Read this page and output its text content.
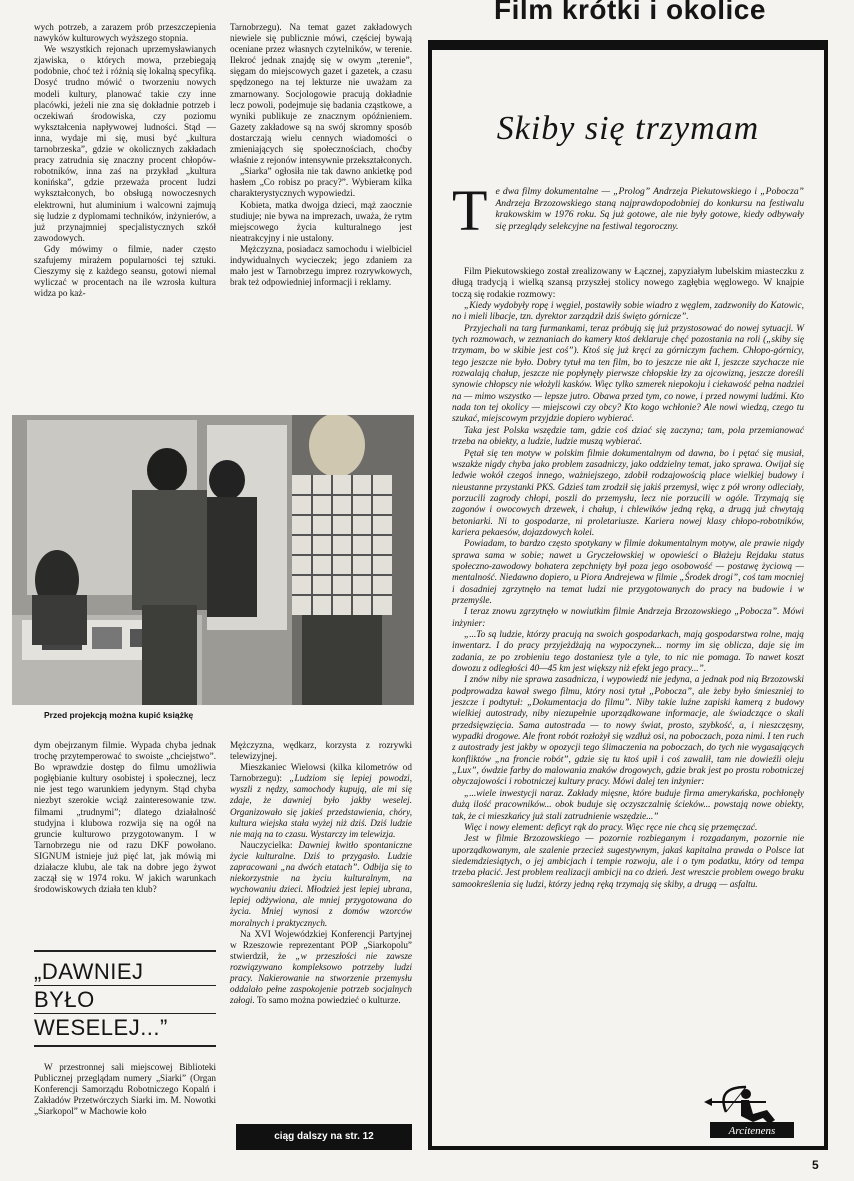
Film krótki i okolice

wych potrzeb, a zarazem prób przeszczepienia nawyków kulturowych wyższego stopnia.

We wszystkich rejonach uprzemysławianych zjawiska, o których mowa, przebiegają podobnie, choć też i różnią się lokalną specyfiką. Dosyć trudno mówić o tworzeniu nowych modeli kultury, planować takie czy inne placówki, jeżeli nie zna się dokładnie potrzeb i oczekiwań środowiska, czy poziomu wykształcenia napływowej ludności. Stąd — inna, wydaje mi się, musi być „kultura tarnobrzeska”, gdzie w okolicznych zakładach pracy zatrudnia się znaczny procent chłopów-robotników, inna zaś na przykład „kultura konińska”, gdzie przeważa procent ludzi wykształconych, bo obsługą nowoczesnych elektrowni, hut aluminium i walcowni zajmują się ludzie z dyplomami techników, inżynierów, a już przynajmniej specjalistycznych szkół zawodowych.

Gdy mówimy o filmie, nader często szafujemy mirażem popularności tej sztuki. Cieszymy się z każdego seansu, gotowi niemal wyliczać w procentach na ile wzrosła kultura widza po każ-

Tarnobrzegu). Na temat gazet zakładowych niewiele się publicznie mówi, częściej bywają oceniane przez własnych czytelników, w terenie. Ilekroć jednak znajdę się w owym „terenie”, sięgam do miejscowych gazet i gazetek, a czasu spędzonego na tej lekturze nie uważam za zmarnowany. Socjologowie pracują dokładnie lecz powoli, podejmuje się badania cząstkowe, a wyniki publikuje ze znacznym opóźnieniem. Gazety zakładowe są na swój skromny sposób dostarczają wielu cennych wiadomości o zmieniających się społecznościach, choćby właśnie z rejonów intensywnie przekształconych.

„Siarka” ogłosiła nie tak dawno ankietkę pod hasłem „Co robisz po pracy?”. Wybieram kilka charakterystycznych wypowiedzi.

Kobieta, matka dwojga dzieci, mąż zaocznie studiuje; nie bywa na imprezach, uważa, że rytm miejscowego życia kulturalnego jest nieatrakcyjny i nie ustalony.

Mężczyzna, posiadacz samochodu i wielbiciel indywidualnych wycieczek; jego zdaniem za mało jest w Tarnobrzegu imprez rozrywkowych, brak też odpowiedniej informacji i reklamy.

Przed projekcją można kupić książkę

dym obejrzanym filmie. Wypada chyba jednak trochę przytemperować to swoiste „chciejstwo”. Bo wprawdzie dostęp do filmu umożliwia pogłębianie kultury osobistej i społecznej, lecz nie jest tego warunkiem jedynym. Stąd chyba niezbyt szerokie wciąż zainteresowanie tzw. filmami „trudnymi”; dlatego działalność studyjna i klubowa rozwija się na ogół na gruncie kulturowo przygotowanym. I w Tarnobrzegu nie od razu DKF powołano. SIGNUM istnieje już pięć lat, jak mówią mi działacze klubu, ale tak na dobre jego żywot zaczął się w 1974 roku. W jakich warunkach środowiskowych działa ten klub?

Mężczyzna, wędkarz, korzysta z rozrywki telewizyjnej.

Mieszkaniec Wielowsi (kilka kilometrów od Tarnobrzegu): „Ludziom się lepiej powodzi, wyszli z nędzy, samochody kupują, ale mi się zdaje, że dawniej było jakby weselej. Organizowało się jakieś przedstawienia, chóry, kultura wiejska stała wyżej niż dziś. Dziś ludzie nie mają na to czasu. Wystarczy im telewizja.

Nauczycielka: Dawniej kwitło spontaniczne życie kulturalne. Dziś to przygasło. Ludzie zapracowani „na dwóch etatach”. Odbija się to niekorzystnie na życiu kulturalnym, na wychowaniu dzieci. Młodzież jest lepiej ubrana, lepiej odżywiona, ale mniej przygotowana do życia. Mniej wynosi z domów wzorców moralnych i praktycznych.

Na XVI Wojewódzkiej Konferencji Partyjnej w Rzeszowie reprezentant POP „Siarkopolu” stwierdził, że „w przeszłości nie zawsze rozwiązywano kompleksowo potrzeby ludzi pracy. Nakierowanie na stworzenie przemysłu oddalało pełne zaspokojenie potrzeb socjalnych załogi. To samo można powiedzieć o kulturze.

„DAWNIEJ
BYŁO
WESELEJ...”

W przestronnej sali miejscowej Biblioteki Publicznej przeglądam numery „Siarki” (Organ Konferencji Samorządu Robotniczego Kopalń i Zakładów Przetwórczych Siarki im. M. Nowotki „Siarkopol” w Machowie koło

ciąg dalszy na str. 12
Skiby się trzymam
Te dwa filmy dokumentalne — „Prolog” Andrzeja Piekutowskiego i „Pobocza” Andrzeja Brzozowskiego staną najprawdopodobniej do konkursu na festiwalu krakowskim w 1976 roku. Są już gotowe, ale nie były gotowe, kiedy odbywały się przeglądy selekcyjne na festiwal tegoroczny.

Film Piekutowskiego został zrealizowany w Łącznej, zapyziałym lubelskim miasteczku z długą tradycją i wielką szansą przyszłej stolicy nowego zagłębia węglowego. W knajpie toczą się rodakie rozmowy:

„Kiedy wydobyły ropę i węgiel, postawiły sobie wiadro z węglem, zadzwoniły do Katowic, no i mieli libacje, tzn. dyrektor zarządził dziś święto górnicze”.

Przyjechali na targ furmankami, teraz próbują się już przystosować do nowej sytuacji. W tych rozmowach, w zeznaniach do kamery ktoś deklaruje chęć pozostania na roli („skiby się trzymam, bo w skibie jest coś”). Ktoś się już kręci za górniczym fachem. Chłopo-górnicy, tego jeszcze nie było. Dobry tytuł ma ten film, bo to jeszcze nie akt I, jeszcze szychacze nie rozwalają chałup, jeszcze nie popłynęły pierwsze chłopskie łzy za ojcowizną, jeszcze doreśli synowie chłopscy nie włożyli kasków. Więc tylko szmerek niepokoju i ciekawość pełna nadziei na — mimo wszystko — lepsze jutro. Obawa przed tym, co nowe, i przed nowymi ludźmi. Kto nada ton tej okolicy — miejscowi czy obcy? Kto kogo wchłonie? Ale nowi wiedzą, czego tu szukać, miejscowym przyjdzie dopiero wybierać.

Taka jest Polska wszędzie tam, gdzie coś dziać się zaczyna; tam, pola przemianować trzeba na obiekty, a ludzie, ludzie muszą wybierać.

Pętał się ten motyw w polskim filmie dokumentalnym od dawna, bo i pętać się musiał, wszakże nigdy chyba jako problem zasadniczy, jako oddzielny temat, jako sprawa. Owijał się ledwie wokół czegoś innego, ważniejszego, zdobił rodzajowością place wielkiej budowy i nieustanne przystanki PKS. Gdzieś tam zrodził się jakiś przemysł, więc z pół wrony odleciały, porzucili zagrody chłopi, poszli do przemysłu, lecz nie porzucili w ogóle. Trzymają się zagonów i owocowych drzewek, i chałup, i chlewików jedną ręką, a drugą już chwytają betoniarki. Ni to gospodarze, ni proletariusze. Kariera nowej klasy chłopo-robotników, kariera pekaesów, dojazdowych kolei.

Powiadam, to bardzo często spotykany w filmie dokumentalnym motyw, ale prawie nigdy sprawa sama w sobie; nawet u Gryczełowskiej w opowieści o Błażeju Rejdaku status społeczno-zawodowy bohatera zepchnięty był poza jego osobowość — postawę życiową — mentalność. Niedawno dopiero, u Piora Andrejewa w filmie „Środek drogi”, coś tam mocniej i dosadniej zgrzytnęło na temat ludzi nie przygotowanych do pracy na budowie i w przemyśle.

I teraz znowu zgrzytnęło w nowiutkim filmie Andrzeja Brzozowskiego „Pobocza”. Mówi inżynier:

„...To są ludzie, którzy pracują na swoich gospodarkach, mają gospodarstwa rolne, mają inwentarz. I do pracy przyjeżdżają na wypoczynek... normy im się oblicza, daje się im zadania, ze po zrobieniu tego dostaniesz tyle a tyle, to nic nie pomaga. To nawet koszt dowozu z odległości 40—45 km jest większy niż efekt jego pracy...”.

I znów niby nie sprawa zasadnicza, i wypowiedź nie jedyna, a jednak pod nią Brzozowski podprowadza kawał swego filmu, który nosi tytuł „Pobocza”, ale żeby było śmieszniej to jeszcze i podtytuł: „Dokumentacja do filmu”. Niby takie luźne zapiski kamerą z budowy wielkiej autostrady, niby niezupełnie uporządkowane informacje, ale świadczące o skali przedsięwzięcia. Sama autostrada — to nowy świat, prosto, szybkość, a, i nieszczęsny, wypadki drogowe. Ale front robót rozłożył się wzdłuż osi, na poboczach, poza nimi. I ten ruch z autostrady jest jakby w opozycji tego ślimaczenia na poboczach, do tych nie wygasających konfliktów „na froncie robót”, gdzie się tu ktoś upił i coś zawalił, tam nie dowieźli oleju „Lux”, ówdzie farby do malowania znaków drogowych, gdzie brak jest po prostu robotniczej obyczajowości i robotniczej kultury pracy. Mówi dalej ten inżynier:

„...wiele inwestycji naraz. Zakłady mięsne, które buduje firma amerykańska, pochłonęły dużą ilość pracowników... obok buduje się oczyszczalnię ścieków... powstają nowe obiekty, tak, że ci mieszkańcy już stali zatrudnienie wszędzie...”

Więc i nowy element: deficyt rąk do pracy. Więc ręce nie chcą się przemęczać.

Jest w filmie Brzozowskiego — pozornie rozbieganym i rozgadanym, pozornie nie uporządkowanym, ale szalenie przecież sugestywnym, jakaś kapitalna prawda o Polsce lat siedemdziesiątych, o jej ambicjach i tempie rozwoju, ale i o tym podatku, który od tempa trzeba płacić. Jest problem realizacji ambicji na co dzień. Jest wreszcie problem owego braku samookreślenia się ludzi, którzy jedną ręką trzymają się skiby, a drugą — asfaltu.

Arcitenens
5
